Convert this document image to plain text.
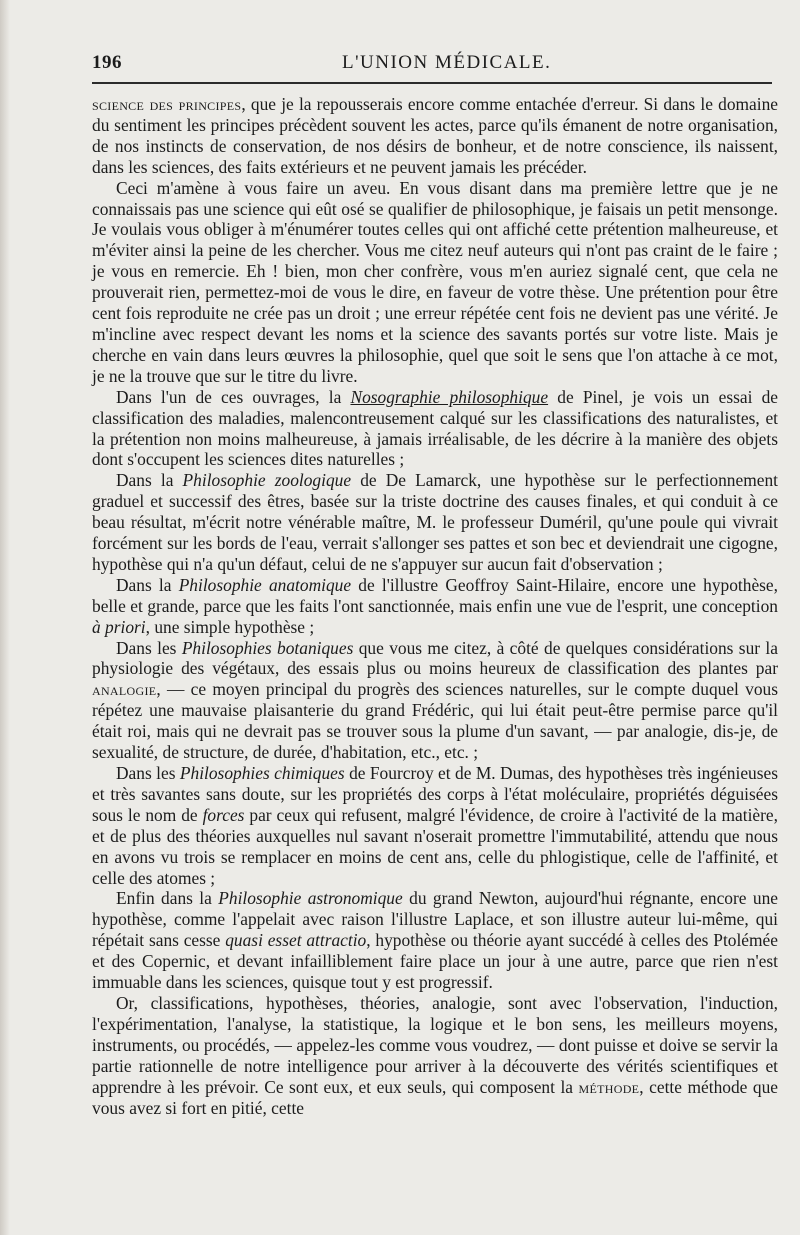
196	L'UNION MÉDICALE.

science des principes, que je la repousserais encore comme entachée d'erreur. Si dans le domaine du sentiment les principes précèdent souvent les actes, parce qu'ils émanent de notre organisation, de nos instincts de conservation, de nos désirs de bonheur, et de notre conscience, ils naissent, dans les sciences, des faits extérieurs et ne peuvent jamais les précéder.

Ceci m'amène à vous faire un aveu. En vous disant dans ma première lettre que je ne connaissais pas une science qui eût osé se qualifier de philosophique, je faisais un petit mensonge. Je voulais vous obliger à m'énumérer toutes celles qui ont affiché cette prétention malheureuse, et m'éviter ainsi la peine de les chercher. Vous me citez neuf auteurs qui n'ont pas craint de le faire ; je vous en remercie. Eh ! bien, mon cher confrère, vous m'en auriez signalé cent, que cela ne prouverait rien, permettez-moi de vous le dire, en faveur de votre thèse. Une prétention pour être cent fois reproduite ne crée pas un droit ; une erreur répétée cent fois ne devient pas une vérité. Je m'incline avec respect devant les noms et la science des savants portés sur votre liste. Mais je cherche en vain dans leurs œuvres la philosophie, quel que soit le sens que l'on attache à ce mot, je ne la trouve que sur le titre du livre.

Dans l'un de ces ouvrages, la Nosographie philosophique de Pinel, je vois un essai de classification des maladies, malencontreusement calqué sur les classifications des naturalistes, et la prétention non moins malheureuse, à jamais irréalisable, de les décrire à la manière des objets dont s'occupent les sciences dites naturelles ;

Dans la Philosophie zoologique de De Lamarck, une hypothèse sur le perfectionnement graduel et successif des êtres, basée sur la triste doctrine des causes finales, et qui conduit à ce beau résultat, m'écrit notre vénérable maître, M. le professeur Duméril, qu'une poule qui vivrait forcément sur les bords de l'eau, verrait s'allonger ses pattes et son bec et deviendrait une cigogne, hypothèse qui n'a qu'un défaut, celui de ne s'appuyer sur aucun fait d'observation ;

Dans la Philosophie anatomique de l'illustre Geoffroy Saint-Hilaire, encore une hypothèse, belle et grande, parce que les faits l'ont sanctionnée, mais enfin une vue de l'esprit, une conception à priori, une simple hypothèse ;

Dans les Philosophies botaniques que vous me citez, à côté de quelques considérations sur la physiologie des végétaux, des essais plus ou moins heureux de classification des plantes par analogie, — ce moyen principal du progrès des sciences naturelles, sur le compte duquel vous répétez une mauvaise plaisanterie du grand Frédéric, qui lui était peut-être permise parce qu'il était roi, mais qui ne devrait pas se trouver sous la plume d'un savant, — par analogie, dis-je, de sexualité, de structure, de durée, d'habitation, etc., etc. ;

Dans les Philosophies chimiques de Fourcroy et de M. Dumas, des hypothèses très ingénieuses et très savantes sans doute, sur les propriétés des corps à l'état moléculaire, propriétés déguisées sous le nom de forces par ceux qui refusent, malgré l'évidence, de croire à l'activité de la matière, et de plus des théories auxquelles nul savant n'oserait promettre l'immutabilité, attendu que nous en avons vu trois se remplacer en moins de cent ans, celle du phlogistique, celle de l'affinité, et celle des atomes ;

Enfin dans la Philosophie astronomique du grand Newton, aujourd'hui régnante, encore une hypothèse, comme l'appelait avec raison l'illustre Laplace, et son illustre auteur lui-même, qui répétait sans cesse quasi esset attractio, hypothèse ou théorie ayant succédé à celles des Ptolémée et des Copernic, et devant infailliblement faire place un jour à une autre, parce que rien n'est immuable dans les sciences, quisque tout y est progressif.

Or, classifications, hypothèses, théories, analogie, sont avec l'observation, l'induction, l'expérimentation, l'analyse, la statistique, la logique et le bon sens, les meilleurs moyens, instruments, ou procédés, — appelez-les comme vous voudrez, — dont puisse et doive se servir la partie rationnelle de notre intelligence pour arriver à la découverte des vérités scientifiques et apprendre à les prévoir. Ce sont eux, et eux seuls, qui composent la méthode, cette méthode que vous avez si fort en pitié, cette
